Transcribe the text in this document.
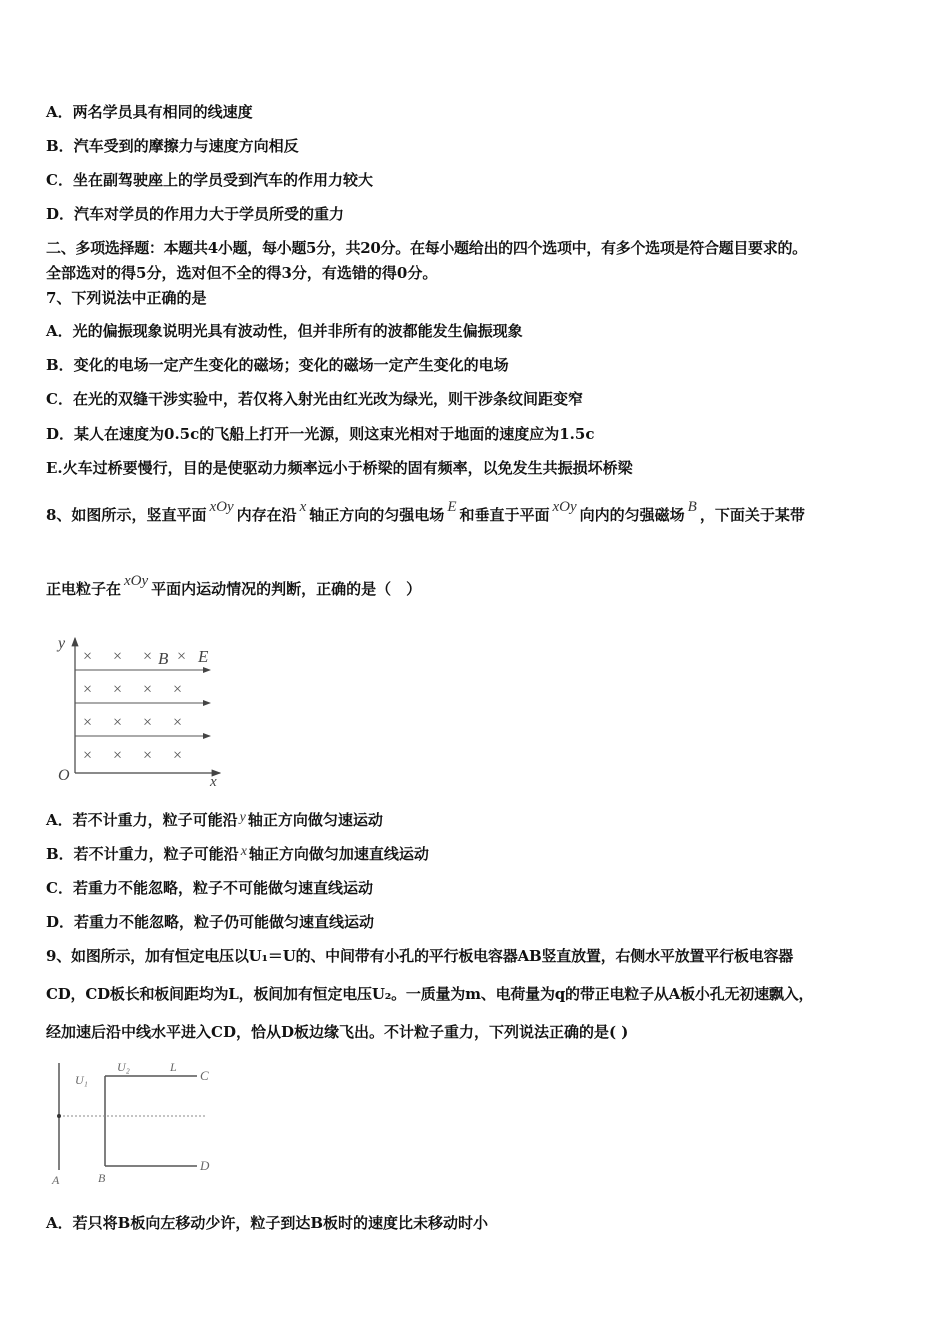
A．两名学员具有相同的线速度
B．汽车受到的摩擦力与速度方向相反
C．坐在副驾驶座上的学员受到汽车的作用力较大
D．汽车对学员的作用力大于学员所受的重力
二、多项选择题：本题共4小题，每小题5分，共20分。在每小题给出的四个选项中，有多个选项是符合题目要求的。
全部选对的得5分，选对但不全的得3分，有选错的得0分。
7、下列说法中正确的是
A．光的偏振现象说明光具有波动性，但并非所有的波都能发生偏振现象
B．变化的电场一定产生变化的磁场；变化的磁场一定产生变化的电场
C．在光的双缝干涉实验中，若仅将入射光由红光改为绿光，则干涉条纹间距变窄
D．某人在速度为0.5c的飞船上打开一光源，则这束光相对于地面的速度应为1.5c
E.火车过桥要慢行，目的是使驱动力频率远小于桥梁的固有频率，以免发生共振损坏桥梁
8、如图所示，竖直平面 xOy 内存在沿 x 轴正方向的匀强电场 E 和垂直于平面 xOy 向内的匀强磁场 B ，下面关于某带
正电粒子在 xOy 平面内运动情况的判断，正确的是（　）
y
x
O
B E
× × × ×
× × × ×
× × × ×
× × × ×
A．若不计重力，粒子可能沿 y 轴正方向做匀速运动
B．若不计重力，粒子可能沿 x 轴正方向做匀加速直线运动
C．若重力不能忽略，粒子不可能做匀速直线运动
D．若重力不能忽略，粒子仍可能做匀速直线运动
9、如图所示，加有恒定电压以U₁＝U的、中间带有小孔的平行板电容器AB竖直放置，右侧水平放置平行板电容器
CD，CD板长和板间距均为L，板间加有恒定电压U₂。一质量为m、电荷量为q的带正电粒子从A板小孔无初速飘入，
经加速后沿中线水平进入CD，恰从D板边缘飞出。不计粒子重力，下列说法正确的是( )
U₁
U₂	L
C
D
A	B
A．若只将B板向左移动少许，粒子到达B板时的速度比未移动时小
